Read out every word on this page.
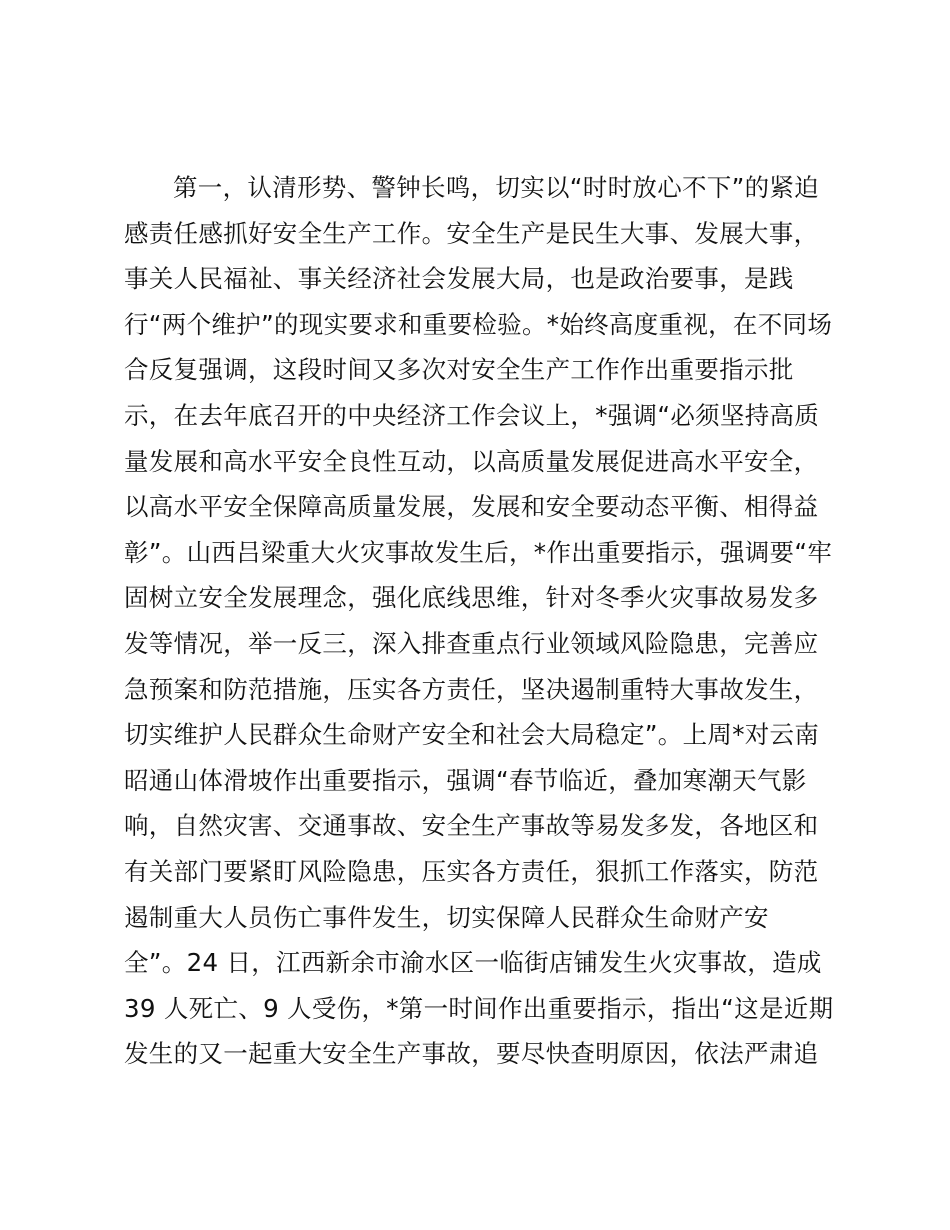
第一，认清形势、警钟长鸣，切实以“时时放心不下”的紧迫
感责任感抓好安全生产工作。安全生产是民生大事、发展大事，
事关人民福祉、事关经济社会发展大局，也是政治要事，是践
行“两个维护”的现实要求和重要检验。*始终高度重视，在不同场
合反复强调，这段时间又多次对安全生产工作作出重要指示批
示，在去年底召开的中央经济工作会议上，*强调“必须坚持高质
量发展和高水平安全良性互动，以高质量发展促进高水平安全，
以高水平安全保障高质量发展，发展和安全要动态平衡、相得益
彰”。山西吕梁重大火灾事故发生后，*作出重要指示，强调要“牢
固树立安全发展理念，强化底线思维，针对冬季火灾事故易发多
发等情况，举一反三，深入排查重点行业领域风险隐患，完善应
急预案和防范措施，压实各方责任，坚决遏制重特大事故发生，
切实维护人民群众生命财产安全和社会大局稳定”。上周*对云南
昭通山体滑坡作出重要指示，强调“春节临近，叠加寒潮天气影
响，自然灾害、交通事故、安全生产事故等易发多发，各地区和
有关部门要紧盯风险隐患，压实各方责任，狠抓工作落实，防范
遏制重大人员伤亡事件发生，切实保障人民群众生命财产安
全”。24 日，江西新余市渝水区一临街店铺发生火灾事故，造成
39 人死亡、9 人受伤，*第一时间作出重要指示，指出“这是近期
发生的又一起重大安全生产事故，要尽快查明原因，依法严肃追
